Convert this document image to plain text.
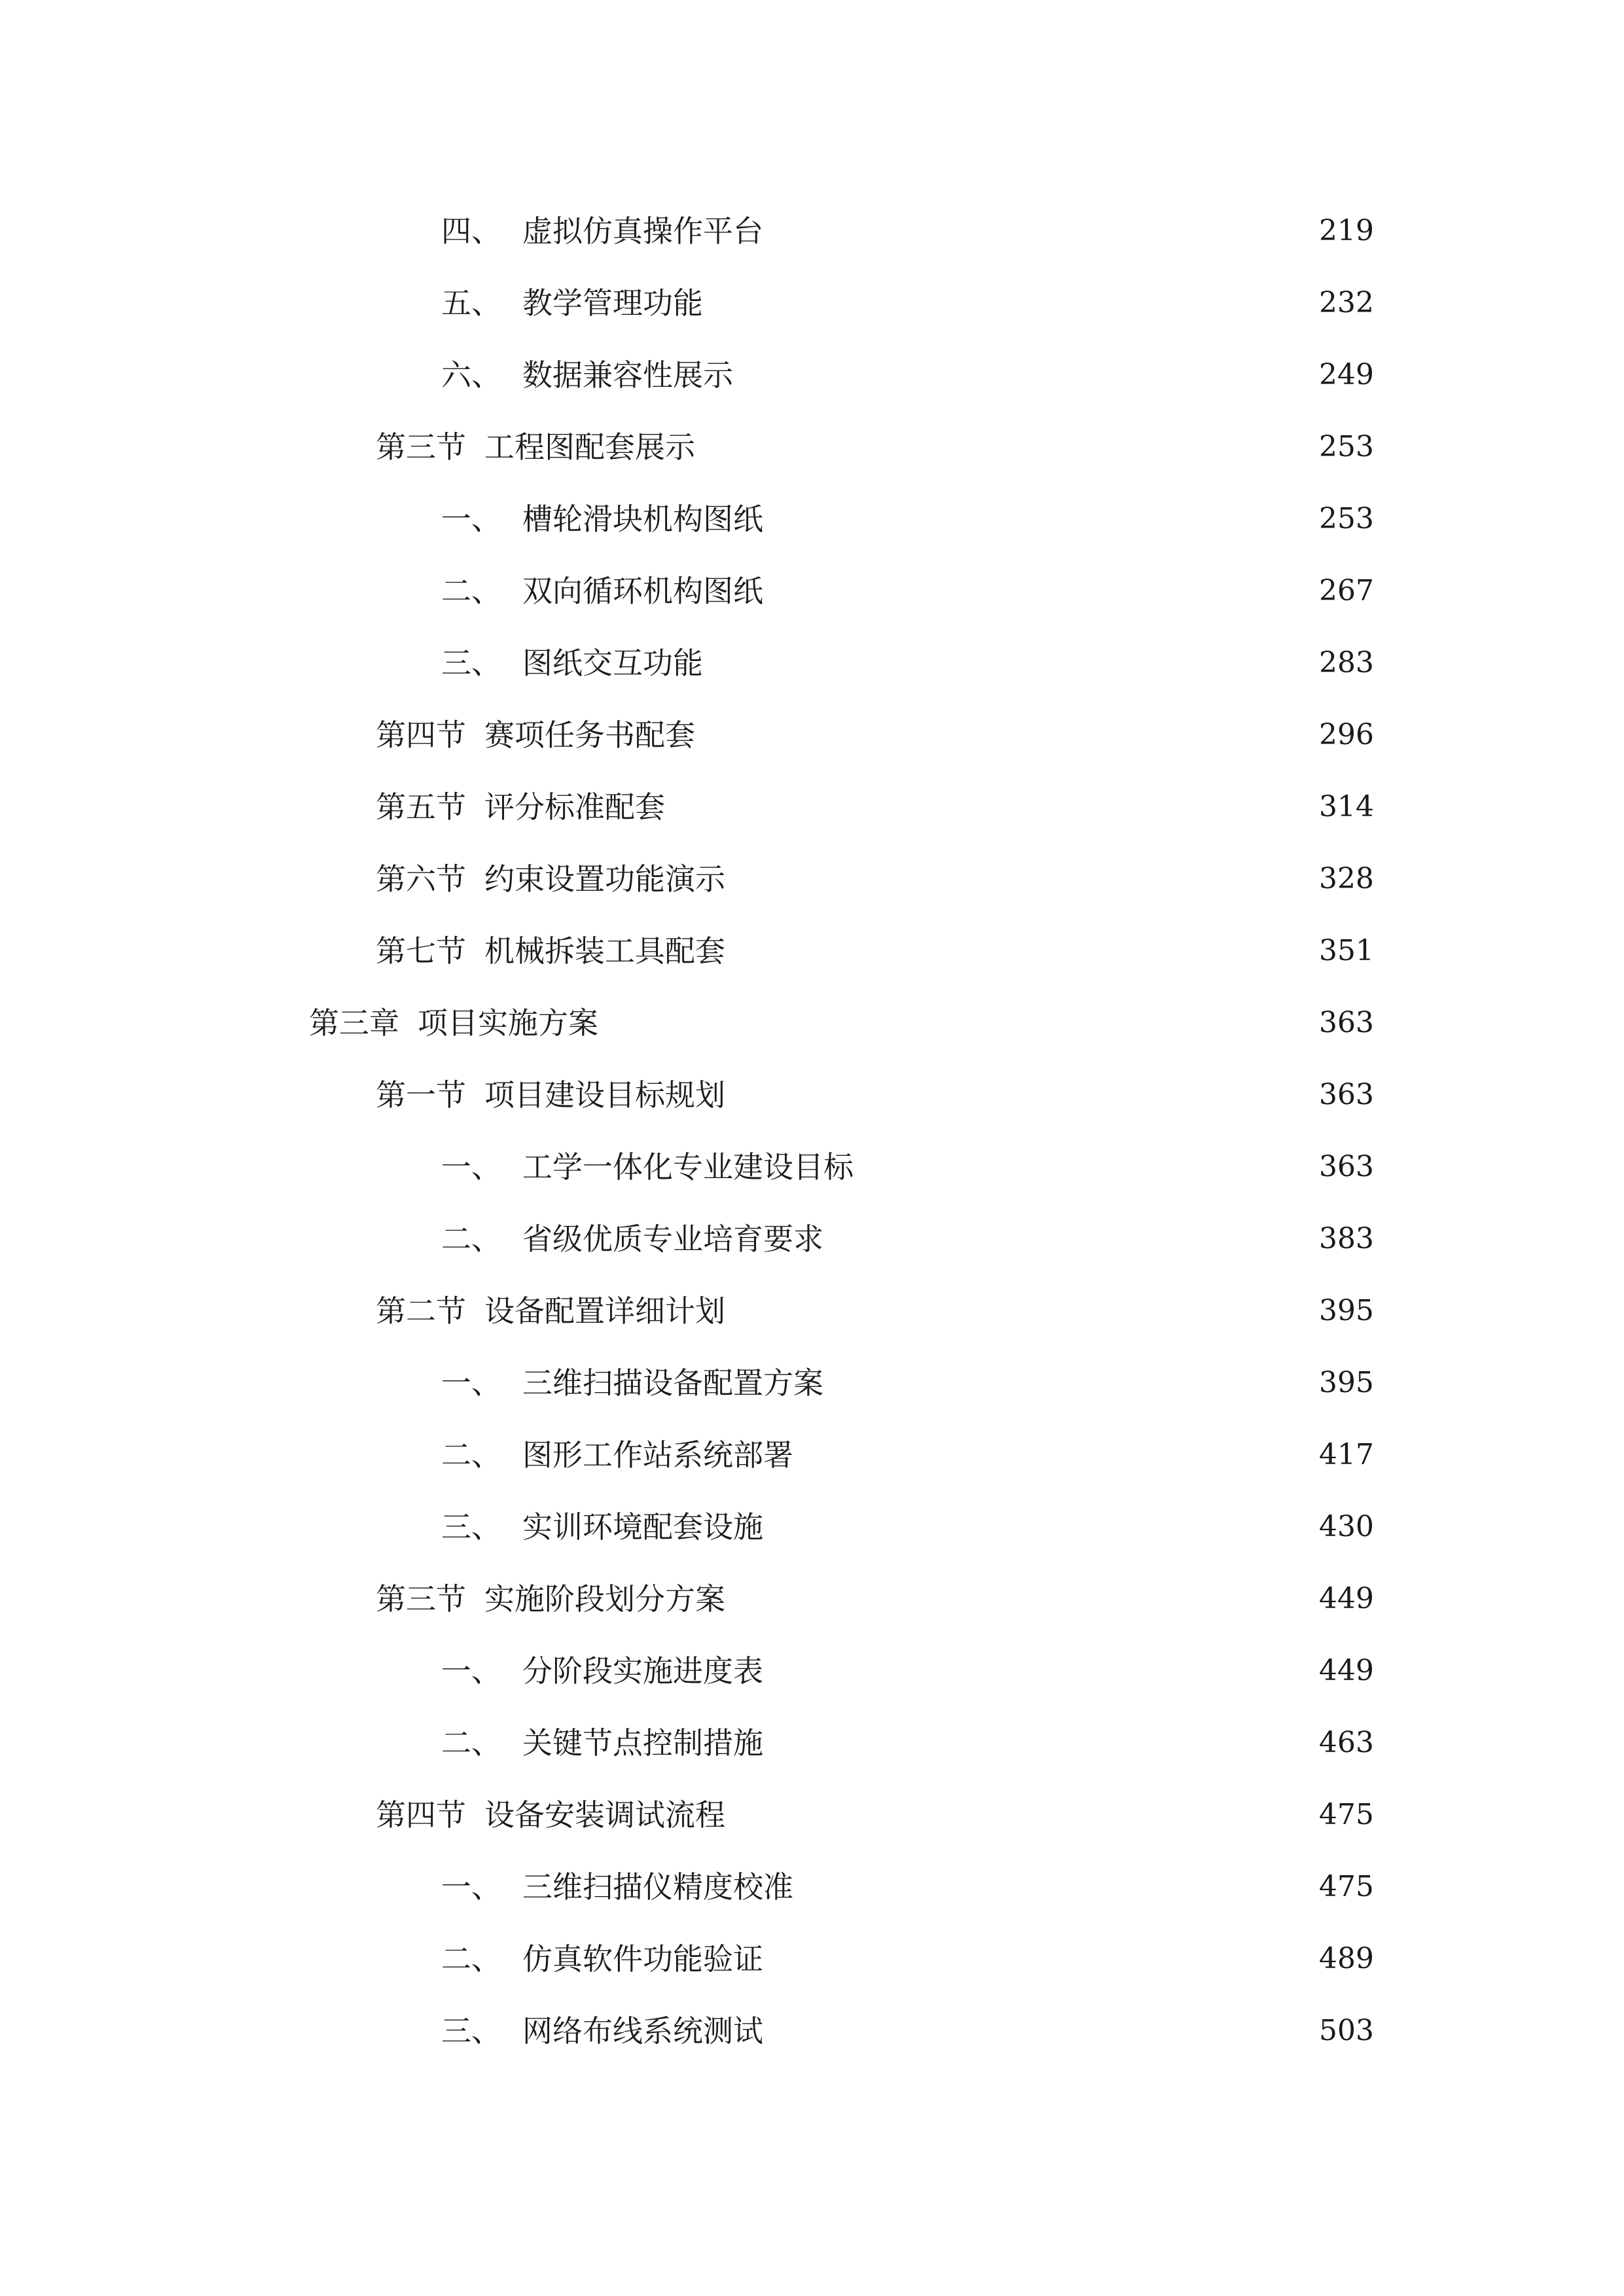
四、 虚拟仿真操作平台	219
五、 教学管理功能	232
六、 数据兼容性展示	249
第三节 工程图配套展示	253
一、 槽轮滑块机构图纸	253
二、 双向循环机构图纸	267
三、 图纸交互功能	283
第四节 赛项任务书配套	296
第五节 评分标准配套	314
第六节 约束设置功能演示	328
第七节 机械拆装工具配套	351
第三章 项目实施方案	363
第一节 项目建设目标规划	363
一、 工学一体化专业建设目标	363
二、 省级优质专业培育要求	383
第二节 设备配置详细计划	395
一、 三维扫描设备配置方案	395
二、 图形工作站系统部署	417
三、 实训环境配套设施	430
第三节 实施阶段划分方案	449
一、 分阶段实施进度表	449
二、 关键节点控制措施	463
第四节 设备安装调试流程	475
一、 三维扫描仪精度校准	475
二、 仿真软件功能验证	489
三、 网络布线系统测试	503
